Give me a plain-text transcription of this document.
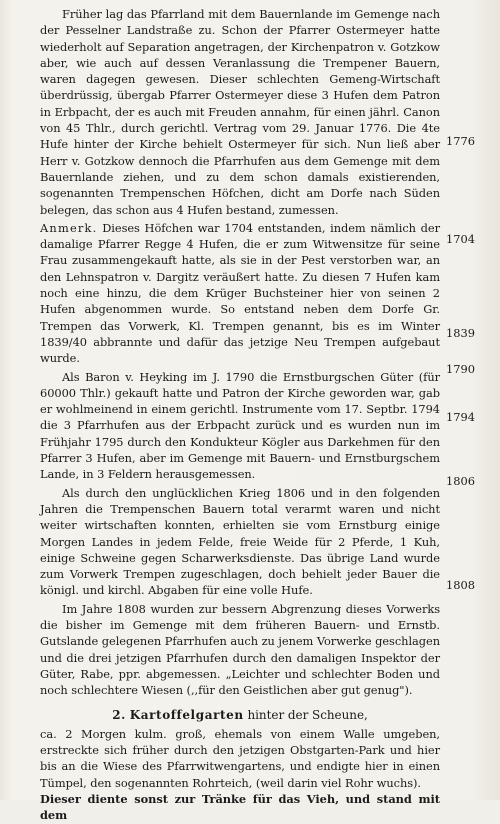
Früher lag das Pfarrland mit dem Bauernlande im Gemenge nach der Pesselner Landstraße zu. Schon der Pfarrer Ostermeyer hatte wiederholt auf Separation angetragen, der Kirchenpatron v. Gotzkow aber, wie auch auf dessen Veranlassung die Trempener Bauern, waren dagegen gewesen. Dieser schlechten Gemeng-Wirtschaft überdrüssig, übergab Pfarrer Ostermeyer diese 3 Hufen dem Patron in Erbpacht, der es auch mit Freuden annahm, für einen jährl. Canon von 45 Thlr., durch gerichtl. Vertrag vom 29. Januar 1776. Die 4te Hufe hinter der Kirche behielt Ostermeyer für sich. Nun ließ aber Herr v. Gotzkow dennoch die Pfarrhufen aus dem Gemenge mit dem Bauernlande ziehen, und zu dem schon damals existierenden, sogenannten Trempenschen Höfchen, dicht am Dorfe nach Süden belegen, das schon aus 4 Hufen bestand, zumessen.

Anmerk. Dieses Höfchen war 1704 entstanden, indem nämlich der damalige Pfarrer Regge 4 Hufen, die er zum Witwensitze für seine Frau zusammengekauft hatte, als sie in der Pest verstorben war, an den Lehnspatron v. Dargitz veräußert hatte. Zu diesen 7 Hufen kam noch eine hinzu, die dem Krüger Buchsteiner hier von seinen 2 Hufen abgenommen wurde. So entstand neben dem Dorfe Gr. Trempen das Vorwerk, Kl. Trempen genannt, bis es im Winter 1839/40 abbrannte und dafür das jetzige Neu Trempen aufgebaut wurde.

Als Baron v. Heyking im J. 1790 die Ernstburgschen Güter (für 60000 Thlr.) gekauft hatte und Patron der Kirche geworden war, gab er wohlmeinend in einem gerichtl. Instrumente vom 17. Septbr. 1794 die 3 Pfarrhufen aus der Erbpacht zurück und es wurden nun im Frühjahr 1795 durch den Kondukteur Kögler aus Darkehmen für den Pfarrer 3 Hufen, aber im Gemenge mit Bauern- und Ernstburgschem Lande, in 3 Feldern herausgemessen.

Als durch den unglücklichen Krieg 1806 und in den folgenden Jahren die Trempenschen Bauern total verarmt waren und nicht weiter wirtschaften konnten, erhielten sie vom Ernstburg einige Morgen Landes in jedem Felde, freie Weide für 2 Pferde, 1 Kuh, einige Schweine gegen Scharwerksdienste. Das übrige Land wurde zum Vorwerk Trempen zugeschlagen, doch behielt jeder Bauer die königl. und kirchl. Abgaben für eine volle Hufe.

Im Jahre 1808 wurden zur bessern Abgrenzung dieses Vorwerks die bisher im Gemenge mit dem früheren Bauern- und Ernstb. Gutslande gelegenen Pfarrhufen auch zu jenem Vorwerke geschlagen und die drei jetzigen Pfarrhufen durch den damaligen Inspektor der Güter, Rabe, ppr. abgemessen. „Leichter und schlechter Boden und noch schlechtere Wiesen (,,für den Geistlichen aber gut genug").

2. Kartoffelgarten hinter der Scheune,

ca. 2 Morgen kulm. groß, ehemals von einem Walle umgeben, erstreckte sich früher durch den jetzigen Obstgarten-Park und hier bis an die Wiese des Pfarrwitwengartens, und endigte hier in einen Tümpel, den sogenannten Rohrteich, (weil darin viel Rohr wuchs).

Dieser diente sonst zur Tränke für das Vieh, und stand mit dem

1776
1704
1839
1790
1794
1806
1808
